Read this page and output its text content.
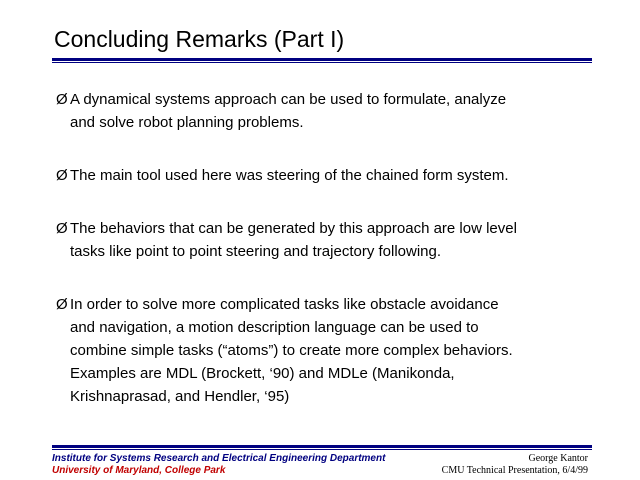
Concluding Remarks (Part I)
Ø A dynamical systems approach can be used to formulate, analyze
and solve robot planning problems.
Ø The main tool used here was steering of the chained form system.
Ø The behaviors that can be generated by this approach are low level
tasks like point to point steering and trajectory following.
Ø In order to solve more complicated tasks like obstacle avoidance
and navigation, a motion description language can be used to
combine simple tasks (“atoms”) to create more complex behaviors.
Examples are MDL (Brockett, ‘90) and MDLe (Manikonda,
Krishnaprasad, and Hendler, ‘95)
Institute for Systems Research and Electrical Engineering Department
University of Maryland, College Park
George Kantor
CMU Technical Presentation, 6/4/99
